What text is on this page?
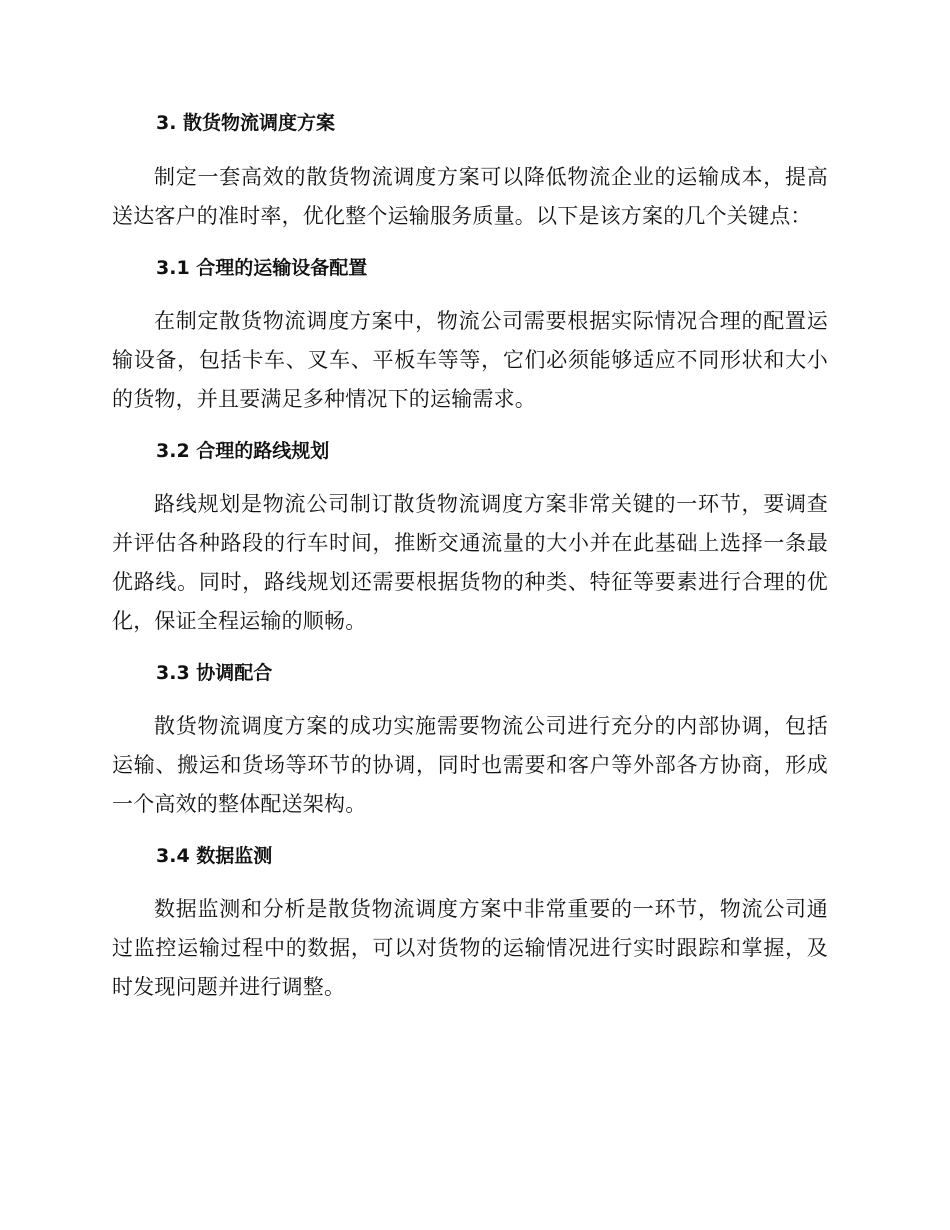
3. 散货物流调度方案

制定一套高效的散货物流调度方案可以降低物流企业的运输成本，提高送达客户的准时率，优化整个运输服务质量。以下是该方案的几个关键点：

3.1 合理的运输设备配置

在制定散货物流调度方案中，物流公司需要根据实际情况合理的配置运输设备，包括卡车、叉车、平板车等等，它们必须能够适应不同形状和大小的货物，并且要满足多种情况下的运输需求。

3.2 合理的路线规划

路线规划是物流公司制订散货物流调度方案非常关键的一环节，要调查并评估各种路段的行车时间，推断交通流量的大小并在此基础上选择一条最优路线。同时，路线规划还需要根据货物的种类、特征等要素进行合理的优化，保证全程运输的顺畅。

3.3 协调配合

散货物流调度方案的成功实施需要物流公司进行充分的内部协调，包括运输、搬运和货场等环节的协调，同时也需要和客户等外部各方协商，形成一个高效的整体配送架构。

3.4 数据监测

数据监测和分析是散货物流调度方案中非常重要的一环节，物流公司通过监控运输过程中的数据，可以对货物的运输情况进行实时跟踪和掌握，及时发现问题并进行调整。
